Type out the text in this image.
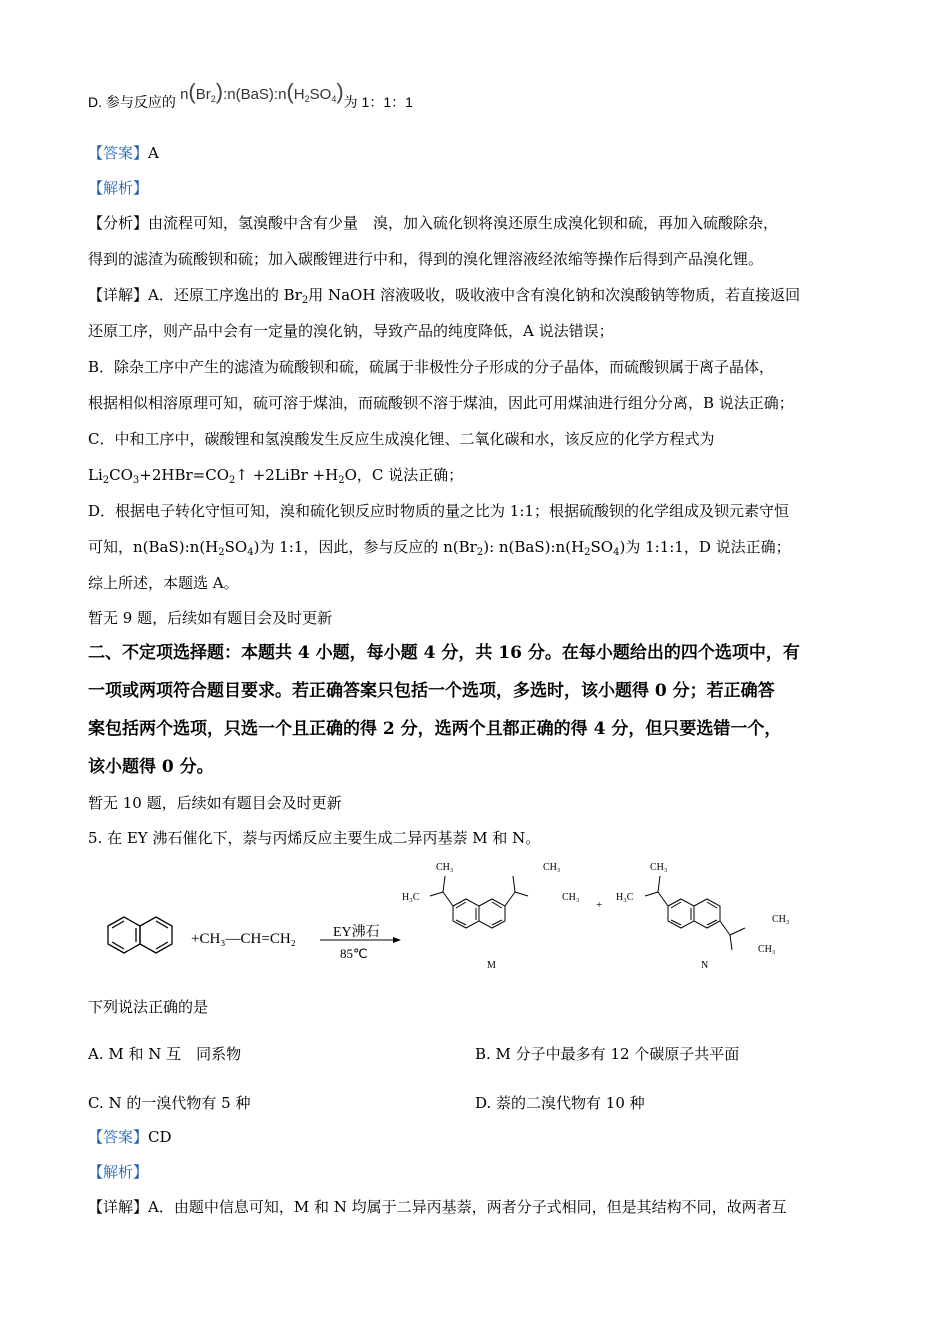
D. 参与反应的 $n(Br_2):n(BaS):n(H_2SO_4)$为 1：1：1
【答案】A
【解析】
【分析】由流程可知，氢溴酸中含有少量　溴，加入硫化钡将溴还原生成溴化钡和硫，再加入硫酸除杂，
得到的滤渣为硫酸钡和硫；加入碳酸锂进行中和，得到的溴化锂溶液经浓缩等操作后得到产品溴化锂。
【详解】A．还原工序逸出的 $Br_2$用 NaOH 溶液吸收，吸收液中含有溴化钠和次溴酸钠等物质，若直接返回
还原工序，则产品中会有一定量的溴化钠，导致产品的纯度降低，A 说法错误；
B．除杂工序中产生的滤渣为硫酸钡和硫，硫属于非极性分子形成的分子晶体，而硫酸钡属于离子晶体，
根据相似相溶原理可知，硫可溶于煤油，而硫酸钡不溶于煤油，因此可用煤油进行组分分离，B 说法正确；
C．中和工序中，碳酸锂和氢溴酸发生反应生成溴化锂、二氧化碳和水，该反应的化学方程式为
$Li_2CO_3+2HBr=CO_2↑$ +2LiBr $+H_2O$，C 说法正确；
D．根据电子转化守恒可知，溴和硫化钡反应时物质的量之比为 1:1；根据硫酸钡的化学组成及钡元素守恒
可知，$n(BaS):n(H_2SO_4)$为 1:1，因此，参与反应的 $n(Br_2)$: $n(BaS):n(H_2SO_4)$为 1:1:1，D 说法正确；
综上所述，本题选 A。
暂无 9 题，后续如有题目会及时更新
二、不定项选择题：本题共 4 小题，每小题 4 分，共 16 分。在每小题给出的四个选项中，有
一项或两项符合题目要求。若正确答案只包括一个选项，多选时，该小题得 0 分；若正确答
案包括两个选项，只选一个且正确的得 2 分，选两个且都正确的得 4 分，但只要选错一个，
该小题得 0 分。
暂无 10 题，后续如有题目会及时更新
5. 在 EY 沸石催化下，萘与丙烯反应主要生成二异丙基萘 M 和 N。
+CH₃—CH=CH₂	EY沸石
85℃
CH₃
H₃C
CH₃
CH₃
M
+
CH₃
H₃C
CH₃
CH₃
N
下列说法正确的是
A. M 和 N 互　同系物	B. M 分子中最多有 12 个碳原子共平面
C. N 的一溴代物有 5 种	D. 萘的二溴代物有 10 种
【答案】CD
【解析】
【详解】A．由题中信息可知，M 和 N 均属于二异丙基萘，两者分子式相同，但是其结构不同，故两者互
